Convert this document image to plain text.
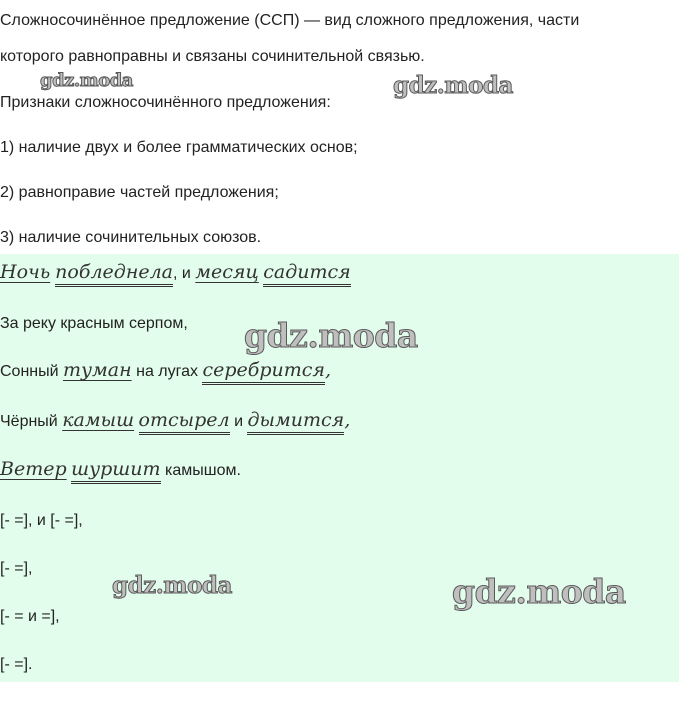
Сложносочинённое предложение (ССП) — вид сложного предложения, части
которого равноправны и связаны сочинительной связью.
Признаки сложносочинённого предложения:
1) наличие двух и более грамматических основ;
2) равноправие частей предложения;
3) наличие сочинительных союзов.
Ночь побледнела, и месяц садится
За реку красным серпом,
Сонный туман на лугах серебрится,
Чёрный камыш отсырел и дымится,
Ветер шуршит камышом.
[- =], и [- =],
[- =],
[- = и =],
[- =].
gdz.moda	gdz.moda
gdz.moda
gdz.moda	gdz.moda
